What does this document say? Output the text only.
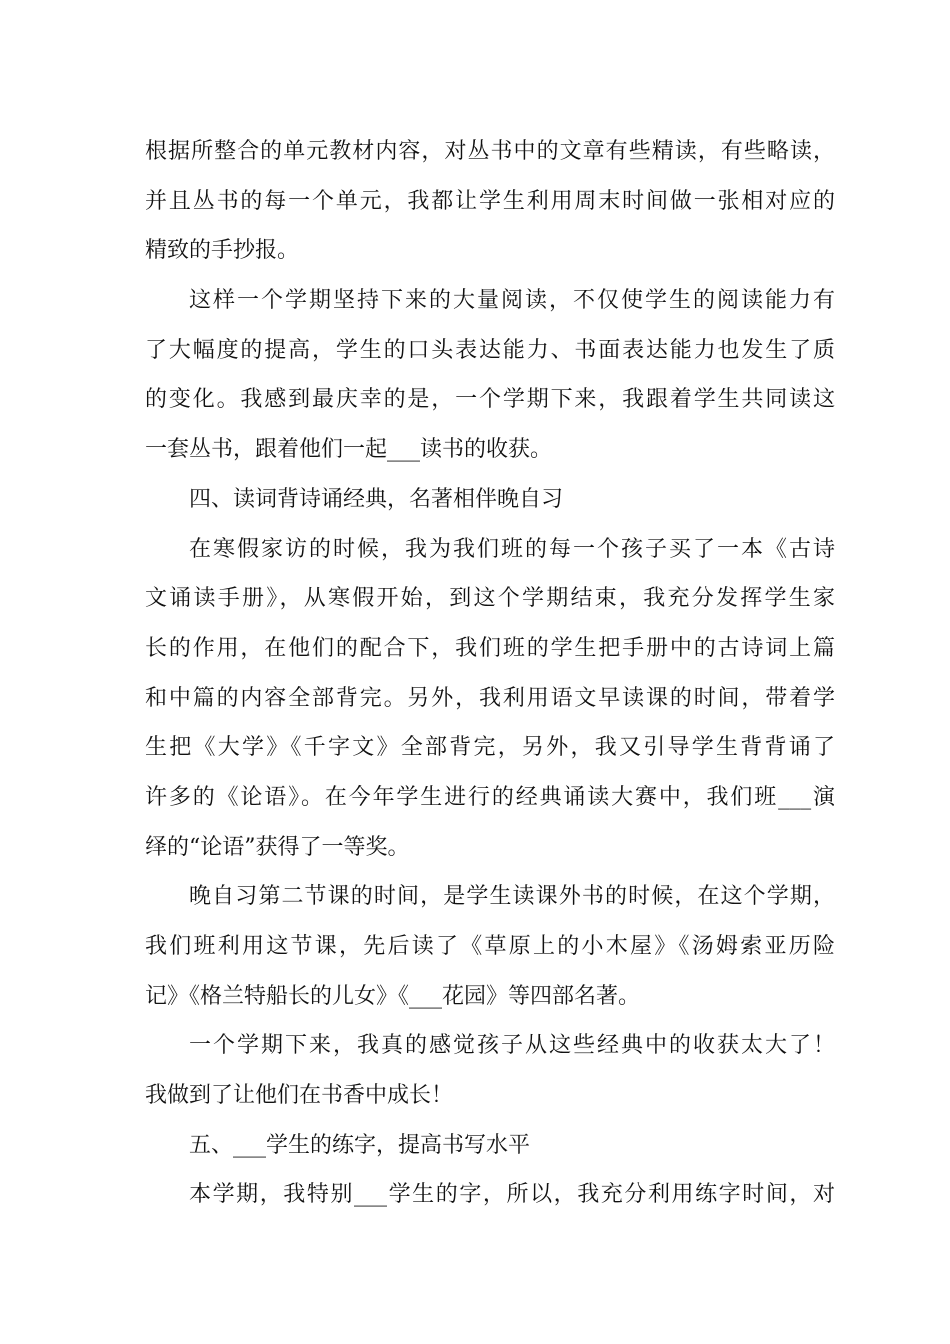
根据所整合的单元教材内容，对丛书中的文章有些精读，有些略读，
并且丛书的每一个单元，我都让学生利用周末时间做一张相对应的
精致的手抄报。
这样一个学期坚持下来的大量阅读，不仅使学生的阅读能力有
了大幅度的提高，学生的口头表达能力、书面表达能力也发生了质
的变化。我感到最庆幸的是，一个学期下来，我跟着学生共同读这
一套丛书，跟着他们一起___读书的收获。
四、读词背诗诵经典，名著相伴晚自习
在寒假家访的时候，我为我们班的每一个孩子买了一本《古诗
文诵读手册》，从寒假开始，到这个学期结束，我充分发挥学生家
长的作用，在他们的配合下，我们班的学生把手册中的古诗词上篇
和中篇的内容全部背完。另外，我利用语文早读课的时间，带着学
生把《大学》《千字文》全部背完，另外，我又引导学生背背诵了
许多的《论语》。在今年学生进行的经典诵读大赛中，我们班___演
绎的“论语”获得了一等奖。
晚自习第二节课的时间，是学生读课外书的时候，在这个学期，
我们班利用这节课，先后读了《草原上的小木屋》《汤姆索亚历险
记》《格兰特船长的儿女》《___花园》等四部名著。
一个学期下来，我真的感觉孩子从这些经典中的收获太大了！
我做到了让他们在书香中成长！
五、___学生的练字，提高书写水平
本学期，我特别___学生的字，所以，我充分利用练字时间，对
